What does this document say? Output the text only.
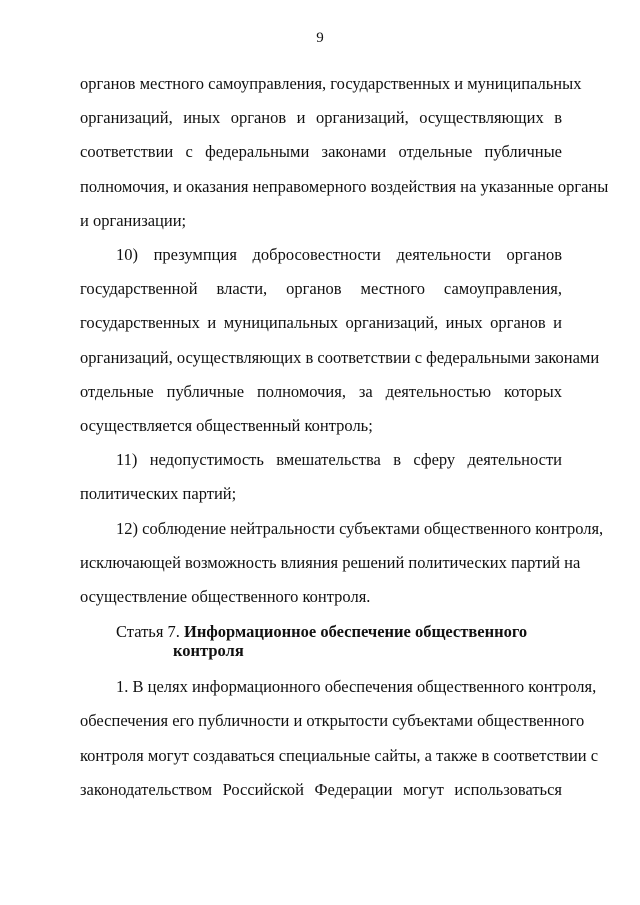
9

органов местного самоуправления, государственных и муниципальных
организаций, иных органов и организаций, осуществляющих в
соответствии с федеральными законами отдельные публичные
полномочия, и оказания неправомерного воздействия на указанные органы
и организации;

10) презумпция добросовестности деятельности органов
государственной власти, органов местного самоуправления,
государственных и муниципальных организаций, иных органов и
организаций, осуществляющих в соответствии с федеральными законами
отдельные публичные полномочия, за деятельностью которых
осуществляется общественный контроль;

11) недопустимость вмешательства в сферу деятельности
политических партий;

12) соблюдение нейтральности субъектами общественного контроля,
исключающей возможность влияния решений политических партий на
осуществление общественного контроля.

Статья 7. Информационное обеспечение общественного
контроля

1. В целях информационного обеспечения общественного контроля,
обеспечения его публичности и открытости субъектами общественного
контроля могут создаваться специальные сайты, а также в соответствии с
законодательством Российской Федерации могут использоваться
